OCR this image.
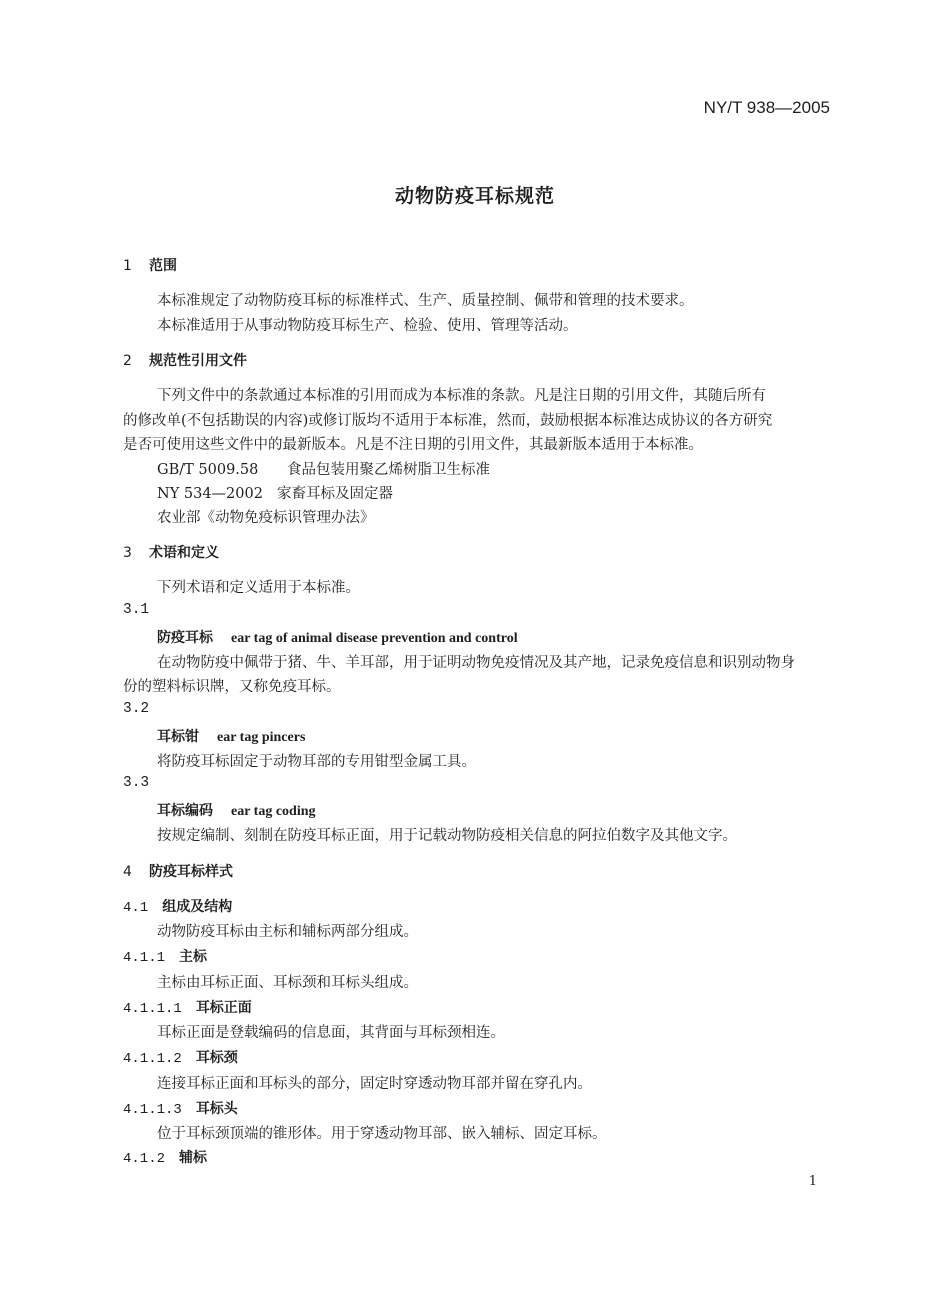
NY/T 938—2005
动物防疫耳标规范
1 范围
本标准规定了动物防疫耳标的标准样式、生产、质量控制、佩带和管理的技术要求。
本标准适用于从事动物防疫耳标生产、检验、使用、管理等活动。
2 规范性引用文件
下列文件中的条款通过本标准的引用而成为本标准的条款。凡是注日期的引用文件，其随后所有
的修改单(不包括勘误的内容)或修订版均不适用于本标准，然而，鼓励根据本标准达成协议的各方研究
是否可使用这些文件中的最新版本。凡是不注日期的引用文件，其最新版本适用于本标准。
GB/T 5009.58 食品包装用聚乙烯树脂卫生标准
NY 534—2002 家畜耳标及固定器
农业部《动物免疫标识管理办法》
3 术语和定义
下列术语和定义适用于本标准。
3.1
防疫耳标 ear tag of animal disease prevention and control
在动物防疫中佩带于猪、牛、羊耳部，用于证明动物免疫情况及其产地，记录免疫信息和识别动物身
份的塑料标识牌，又称免疫耳标。
3.2
耳标钳 ear tag pincers
将防疫耳标固定于动物耳部的专用钳型金属工具。
3.3
耳标编码 ear tag coding
按规定编制、刻制在防疫耳标正面，用于记载动物防疫相关信息的阿拉伯数字及其他文字。
4 防疫耳标样式
4.1 组成及结构
动物防疫耳标由主标和辅标两部分组成。
4.1.1 主标
主标由耳标正面、耳标颈和耳标头组成。
4.1.1.1 耳标正面
耳标正面是登载编码的信息面，其背面与耳标颈相连。
4.1.1.2 耳标颈
连接耳标正面和耳标头的部分，固定时穿透动物耳部并留在穿孔内。
4.1.1.3 耳标头
位于耳标颈顶端的锥形体。用于穿透动物耳部、嵌入辅标、固定耳标。
4.1.2 辅标
1
